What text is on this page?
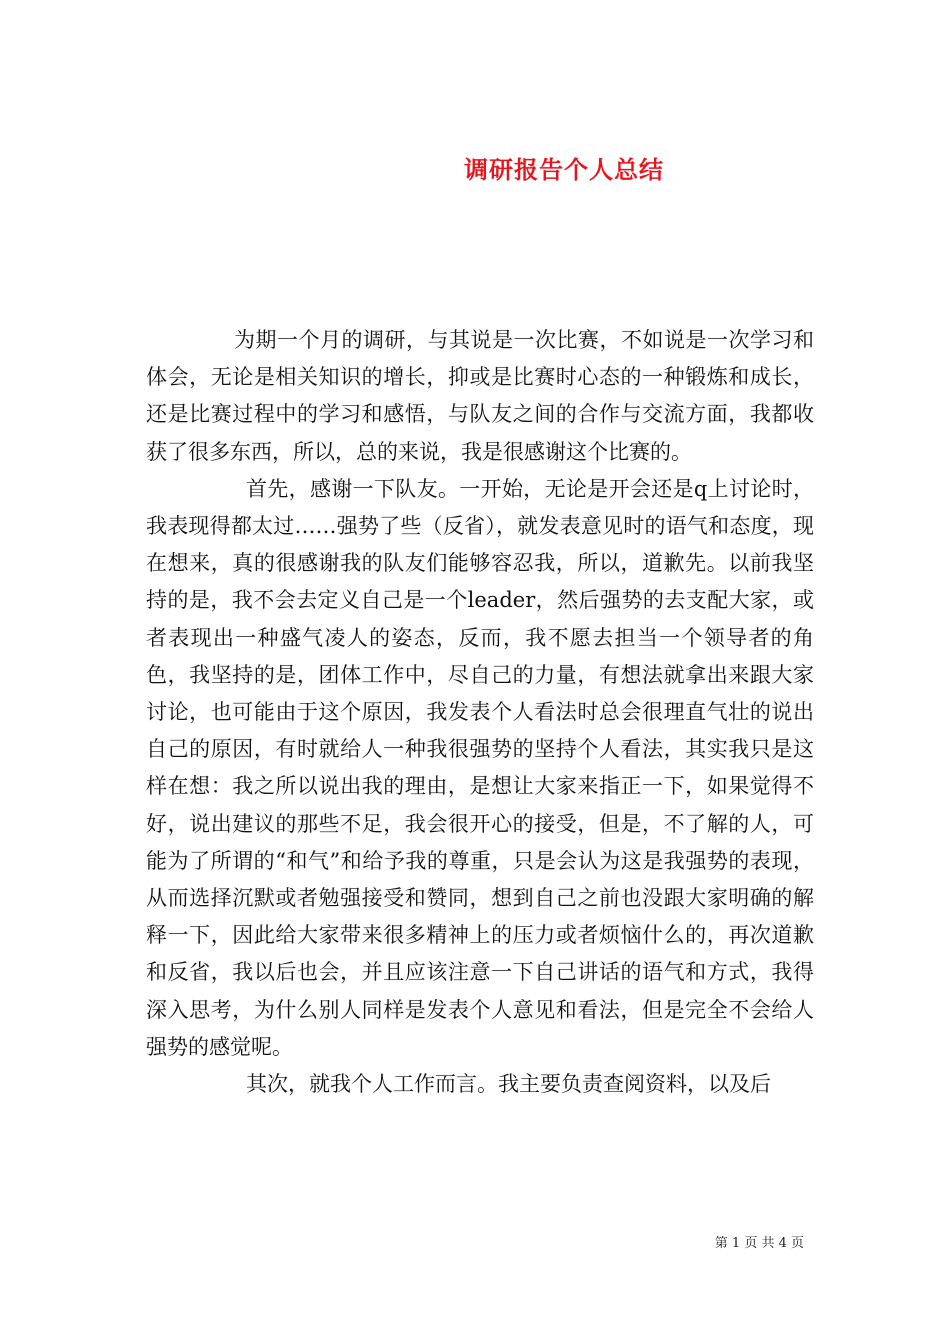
调研报告个人总结

为期一个月的调研，与其说是一次比赛，不如说是一次学习和体会，无论是相关知识的增长，抑或是比赛时心态的一种锻炼和成长，还是比赛过程中的学习和感悟，与队友之间的合作与交流方面，我都收获了很多东西，所以，总的来说，我是很感谢这个比赛的。

首先，感谢一下队友。一开始，无论是开会还是q上讨论时，我表现得都太过……强势了些（反省），就发表意见时的语气和态度，现在想来，真的很感谢我的队友们能够容忍我，所以，道歉先。以前我坚持的是，我不会去定义自己是一个leader，然后强势的去支配大家，或者表现出一种盛气凌人的姿态，反而，我不愿去担当一个领导者的角色，我坚持的是，团体工作中，尽自己的力量，有想法就拿出来跟大家讨论，也可能由于这个原因，我发表个人看法时总会很理直气壮的说出自己的原因，有时就给人一种我很强势的坚持个人看法，其实我只是这样在想：我之所以说出我的理由，是想让大家来指正一下，如果觉得不好，说出建议的那些不足，我会很开心的接受，但是，不了解的人，可能为了所谓的“和气”和给予我的尊重，只是会认为这是我强势的表现，从而选择沉默或者勉强接受和赞同，想到自己之前也没跟大家明确的解释一下，因此给大家带来很多精神上的压力或者烦恼什么的，再次道歉和反省，我以后也会，并且应该注意一下自己讲话的语气和方式，我得深入思考，为什么别人同样是发表个人意见和看法，但是完全不会给人强势的感觉呢。

其次，就我个人工作而言。我主要负责查阅资料，以及后

第 1 页 共 4 页
